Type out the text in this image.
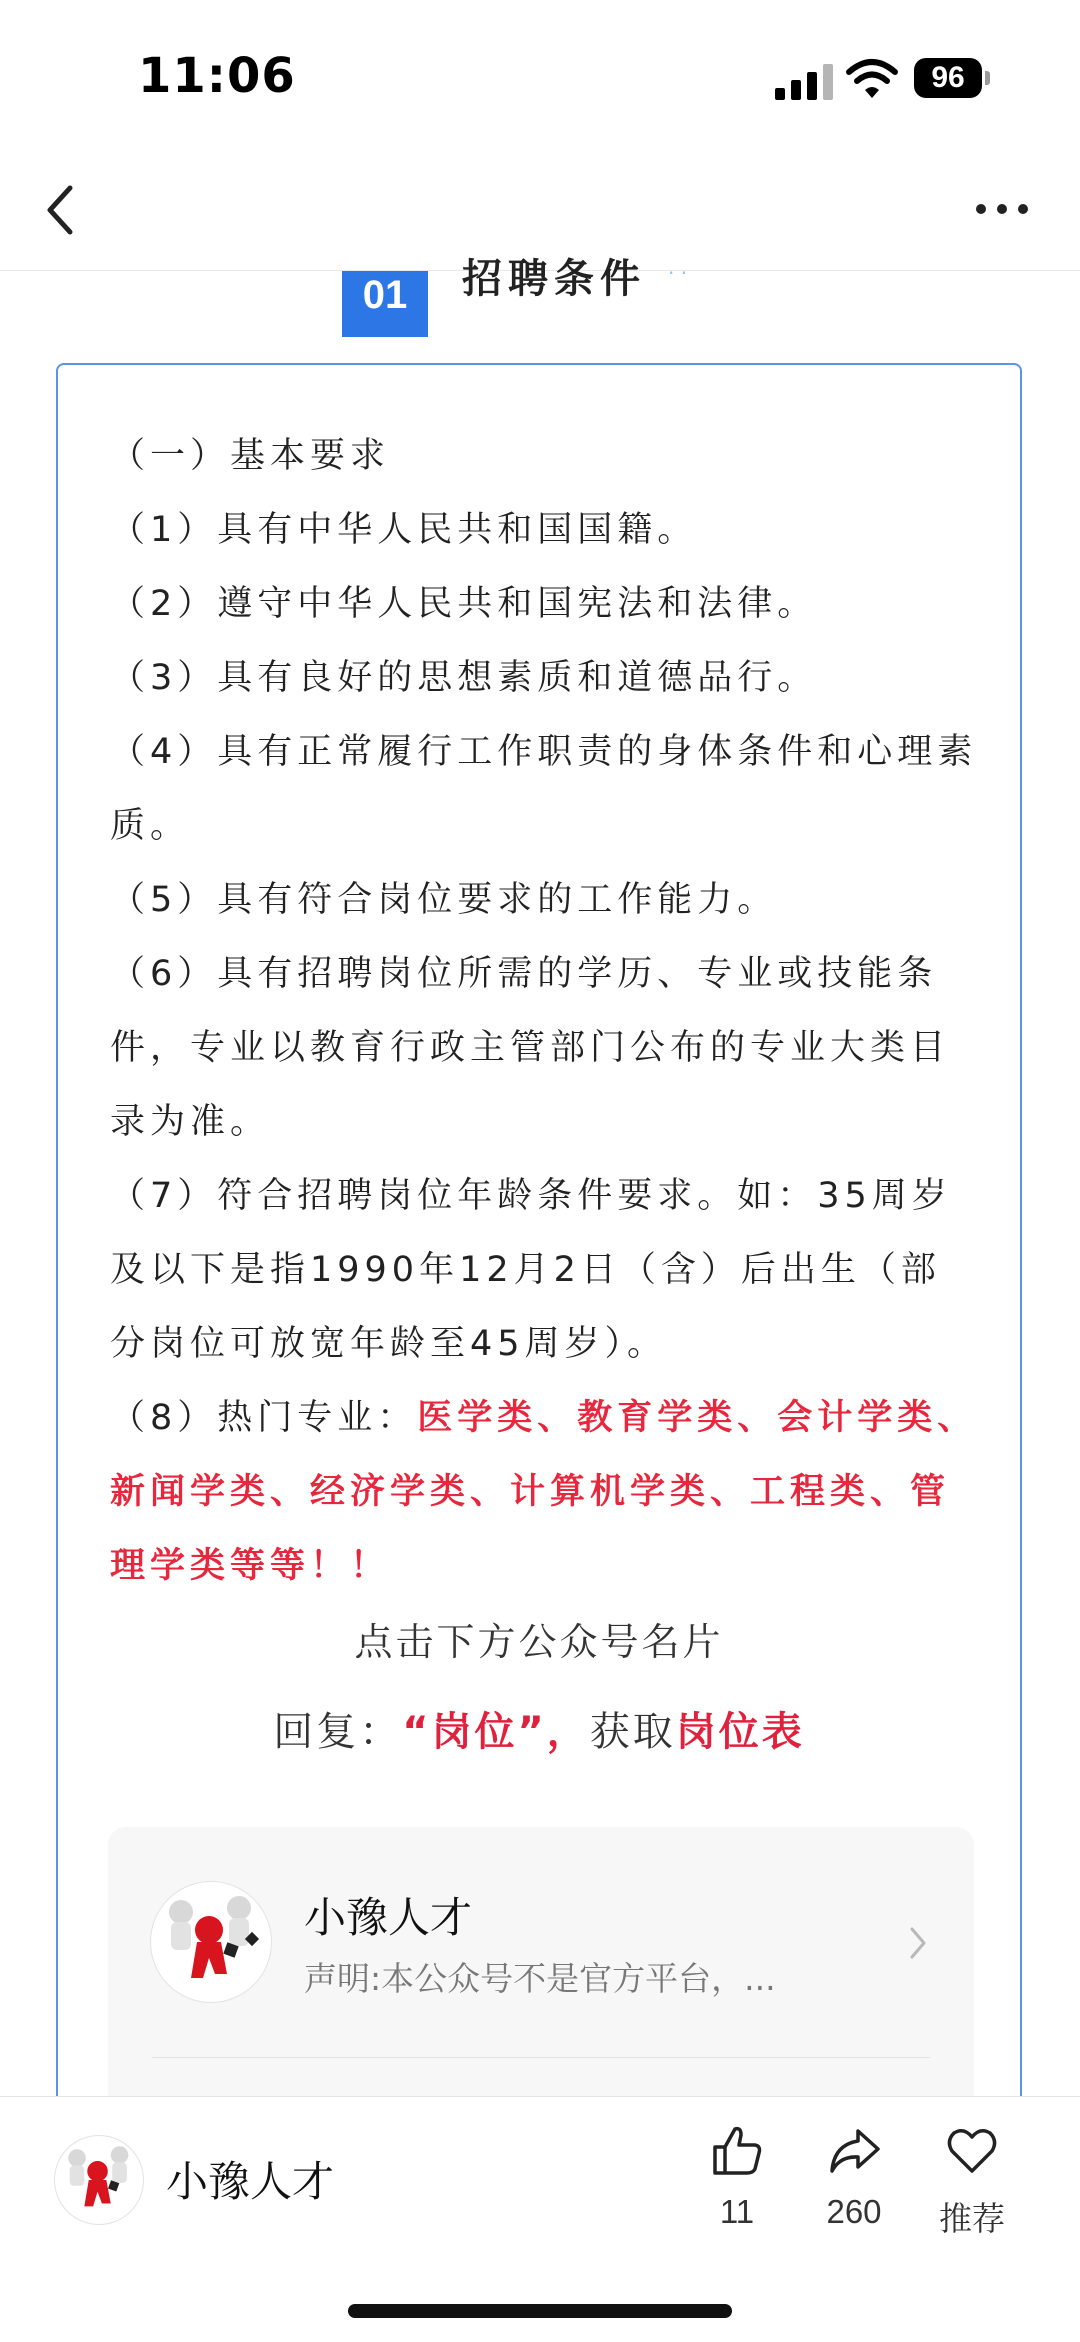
11:06	96
01	招聘条件 · ·

（一）基本要求

（1）具有中华人民共和国国籍。

（2）遵守中华人民共和国宪法和法律。

（3）具有良好的思想素质和道德品行。

（4）具有正常履行工作职责的身体条件和心理素质。

（5）具有符合岗位要求的工作能力。

（6）具有招聘岗位所需的学历、专业或技能条件，专业以教育行政主管部门公布的专业大类目录为准。

（7）符合招聘岗位年龄条件要求。如：35周岁及以下是指1990年12月2日（含）后出生（部分岗位可放宽年龄至45周岁）。

（8）热门专业：医学类、教育学类、会计学类、新闻学类、经济学类、计算机学类、工程类、管理学类等等！！

点击下方公众号名片
回复：“岗位”，获取岗位表
小豫人才
声明:本公众号不是官方平台，...
小豫人才
11	260	推荐
